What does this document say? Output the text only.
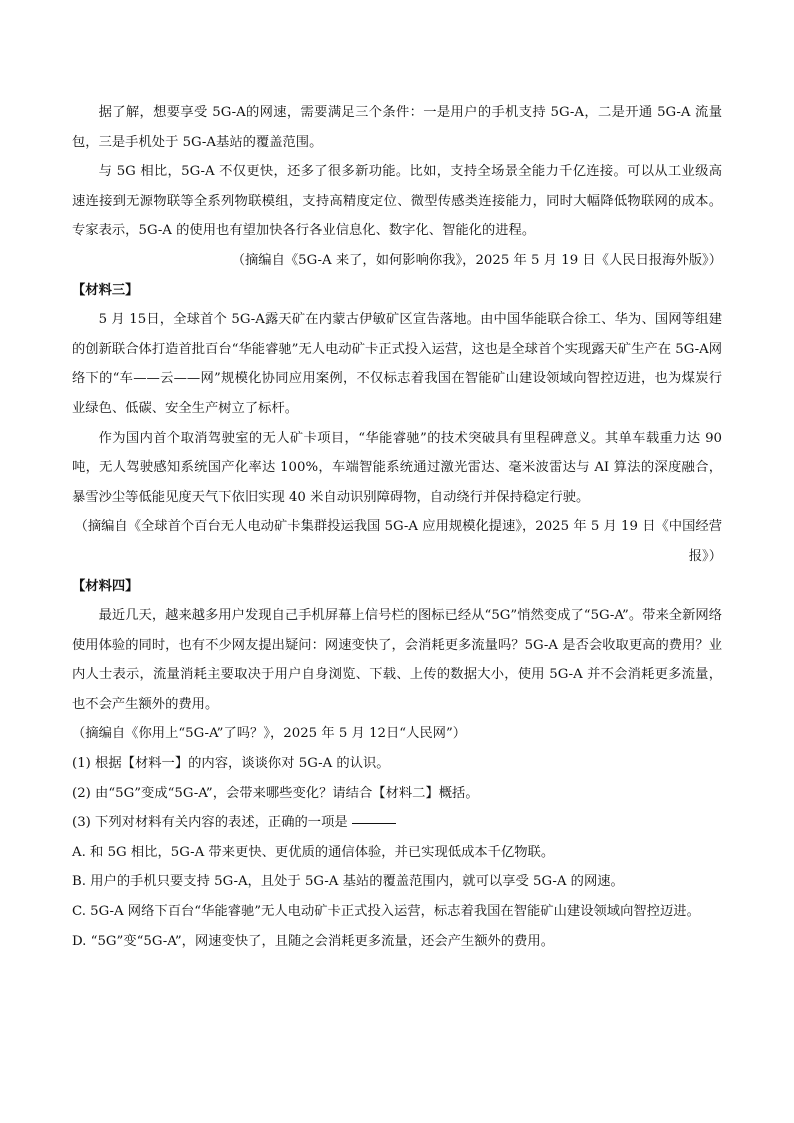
据了解，想要享受 5G-A的网速，需要满足三个条件：一是用户的手机支持 5G-A，二是开通 5G-A 流量包，三是手机处于 5G-A基站的覆盖范围。

与 5G 相比，5G-A 不仅更快，还多了很多新功能。比如，支持全场景全能力千亿连接。可以从工业级高速连接到无源物联等全系列物联模组，支持高精度定位、微型传感类连接能力，同时大幅降低物联网的成本。专家表示，5G-A 的使用也有望加快各行各业信息化、数字化、智能化的进程。

（摘编自《5G-A 来了，如何影响你我》，2025 年 5 月 19 日《人民日报海外版》）

【材料三】

5 月 15日，全球首个 5G-A露天矿在内蒙古伊敏矿区宣告落地。由中国华能联合徐工、华为、国网等组建的创新联合体打造首批百台“华能睿驰”无人电动矿卡正式投入运营，这也是全球首个实现露天矿生产在 5G-A网络下的“车——云——网”规模化协同应用案例，不仅标志着我国在智能矿山建设领域向智控迈进，也为煤炭行业绿色、低碳、安全生产树立了标杆。

作为国内首个取消驾驶室的无人矿卡项目，“华能睿驰”的技术突破具有里程碑意义。其单车载重力达 90吨，无人驾驶感知系统国产化率达 100%，车端智能系统通过激光雷达、毫米波雷达与 AI 算法的深度融合，暴雪沙尘等低能见度天气下依旧实现 40 米自动识别障碍物，自动绕行并保持稳定行驶。

（摘编自《全球首个百台无人电动矿卡集群投运我国 5G-A 应用规模化提速》，2025 年 5 月 19 日《中国经营报》）

【材料四】

最近几天，越来越多用户发现自己手机屏幕上信号栏的图标已经从“5G”悄然变成了“5G-A”。带来全新网络使用体验的同时，也有不少网友提出疑问：网速变快了，会消耗更多流量吗？5G-A 是否会收取更高的费用？业内人士表示，流量消耗主要取决于用户自身浏览、下载、上传的数据大小，使用 5G-A 并不会消耗更多流量，也不会产生额外的费用。

（摘编自《你用上“5G-A”了吗？》，2025 年 5 月 12日“人民网”）

(1) 根据【材料一】的内容，谈谈你对 5G-A 的认识。

(2) 由“5G”变成“5G-A”，会带来哪些变化？请结合【材料二】概括。

(3) 下列对材料有关内容的表述，正确的一项是

A. 和 5G 相比，5G-A 带来更快、更优质的通信体验，并已实现低成本千亿物联。

B. 用户的手机只要支持 5G-A，且处于 5G-A 基站的覆盖范围内，就可以享受 5G-A 的网速。

C. 5G-A 网络下百台“华能睿驰”无人电动矿卡正式投入运营，标志着我国在智能矿山建设领域向智控迈进。

D. “5G”变“5G-A”，网速变快了，且随之会消耗更多流量，还会产生额外的费用。
